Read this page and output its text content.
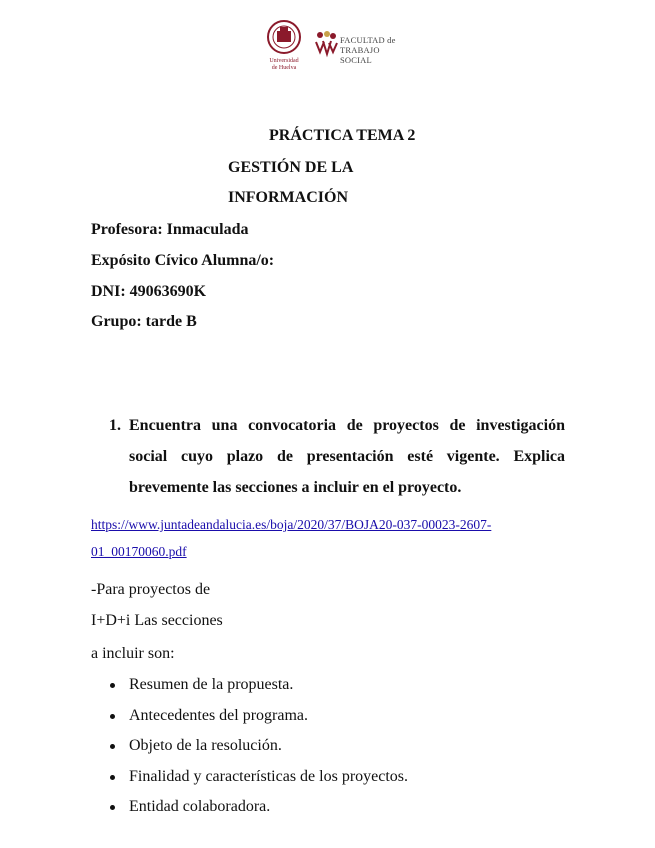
Universidad
de Huelva
FACULTAD de
TRABAJO SOCIAL
PRÁCTICA TEMA 2
GESTIÓN DE LA
INFORMACIÓN
Profesora: Inmaculada
Expósito Cívico Alumna/o:
DNI: 49063690K
Grupo: tarde B
1. Encuentra una convocatoria de proyectos de investigación social cuyo plazo de presentación esté vigente. Explica brevemente las secciones a incluir en el proyecto.
https://www.juntadeandalucia.es/boja/2020/37/BOJA20-037-00023-2607-
01_00170060.pdf
-Para proyectos de
I+D+i Las secciones
a incluir son:
Resumen de la propuesta.
Antecedentes del programa.
Objeto de la resolución.
Finalidad y características de los proyectos.
Entidad colaboradora.
